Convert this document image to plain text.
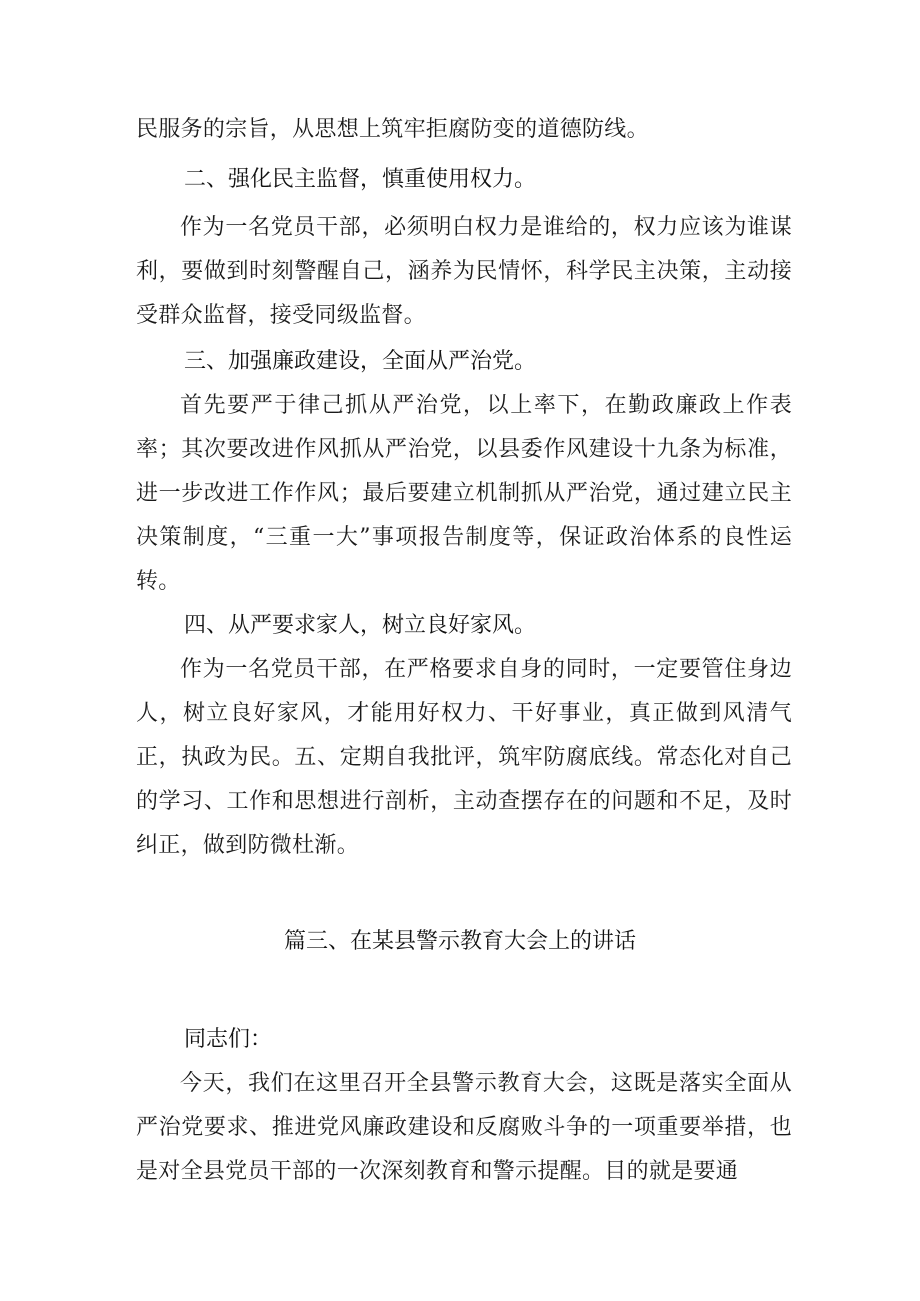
民服务的宗旨，从思想上筑牢拒腐防变的道德防线。

二、强化民主监督，慎重使用权力。

作为一名党员干部，必须明白权力是谁给的，权力应该为谁谋利，要做到时刻警醒自己，涵养为民情怀，科学民主决策，主动接受群众监督，接受同级监督。

三、加强廉政建设，全面从严治党。

首先要严于律己抓从严治党，以上率下，在勤政廉政上作表率；其次要改进作风抓从严治党，以县委作风建设十九条为标准，进一步改进工作作风；最后要建立机制抓从严治党，通过建立民主决策制度，“三重一大”事项报告制度等，保证政治体系的良性运转。

四、从严要求家人，树立良好家风。

作为一名党员干部，在严格要求自身的同时，一定要管住身边人，树立良好家风，才能用好权力、干好事业，真正做到风清气正，执政为民。五、定期自我批评，筑牢防腐底线。常态化对自己的学习、工作和思想进行剖析，主动查摆存在的问题和不足，及时纠正，做到防微杜渐。

篇三、在某县警示教育大会上的讲话

同志们：

今天，我们在这里召开全县警示教育大会，这既是落实全面从严治党要求、推进党风廉政建设和反腐败斗争的一项重要举措，也是对全县党员干部的一次深刻教育和警示提醒。目的就是要通
